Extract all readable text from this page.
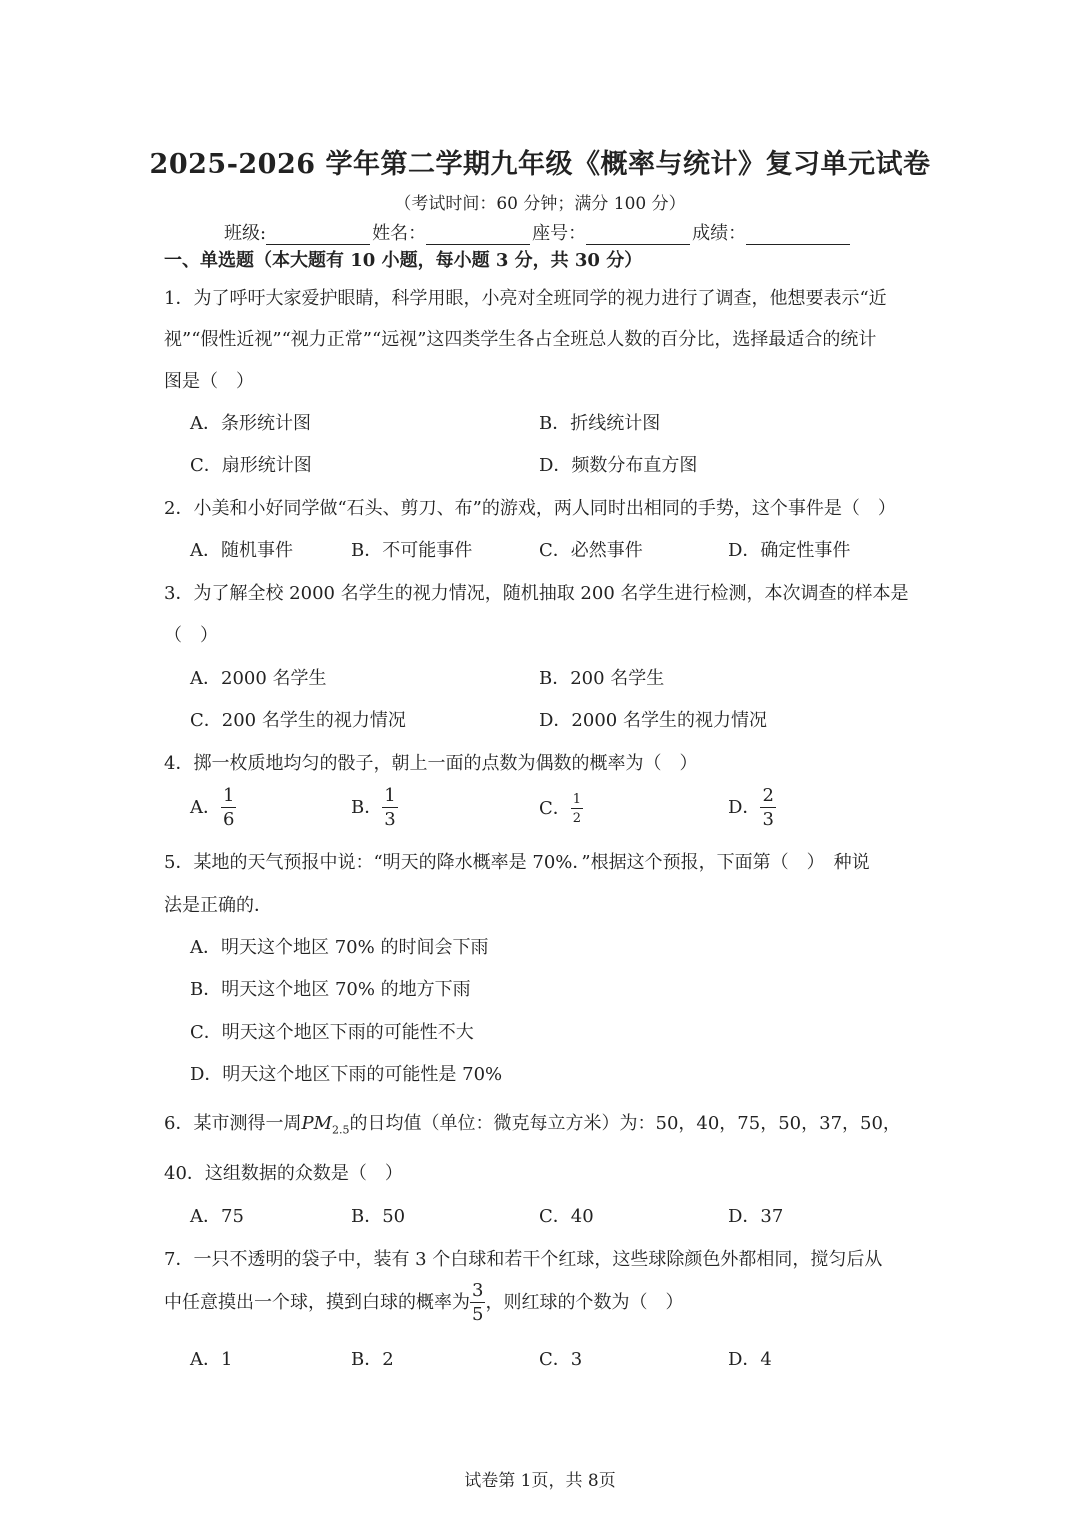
2025-2026 学年第二学期九年级《概率与统计》复习单元试卷
（考试时间：60 分钟；满分 100 分）
班级:	姓名：	座号：	成绩：
一、单选题（本大题有 10 小题，每小题 3 分，共 30 分）
1．为了呼吁大家爱护眼睛，科学用眼，小亮对全班同学的视力进行了调查，他想要表示“近
视”“假性近视”“视力正常”“远视”这四类学生各占全班总人数的百分比，选择最适合的统计
图是（　）
A．条形统计图	B．折线统计图
C．扇形统计图	D．频数分布直方图
2．小美和小好同学做“石头、剪刀、布”的游戏，两人同时出相同的手势，这个事件是（　）
A．随机事件	B．不可能事件	C．必然事件	D．确定性事件
3．为了解全校 2000 名学生的视力情况，随机抽取 200 名学生进行检测，本次调查的样本是
（　）
A．2000 名学生	B．200 名学生
C．200 名学生的视力情况	D．2000 名学生的视力情况
4．掷一枚质地均匀的骰子，朝上一面的点数为偶数的概率为（　）
A． $\frac{1}{6}$	B． $\frac{1}{3}$	C． $\frac{1}{2}$	D． $\frac{2}{3}$
5．某地的天气预报中说：“明天的降水概率是 70%．”根据这个预报，下面第（　）　种说
法是正确的．
A．明天这个地区 70% 的时间会下雨
B．明天这个地区 70% 的地方下雨
C．明天这个地区下雨的可能性不大
D．明天这个地区下雨的可能性是 70%
6．某市测得一周$PM_{2.5}$的日均值（单位：微克每立方米）为：50，40，75，50，37，50，
40．这组数据的众数是（　）
A．75	B．50	C．40	D．37
7．一只不透明的袋子中，装有 3 个白球和若干个红球，这些球除颜色外都相同，搅匀后从
中任意摸出一个球，摸到白球的概率为 $\frac{3}{5}$ ，则红球的个数为（　）
A．1	B．2	C．3	D．4
试卷第 1页，共 8页
